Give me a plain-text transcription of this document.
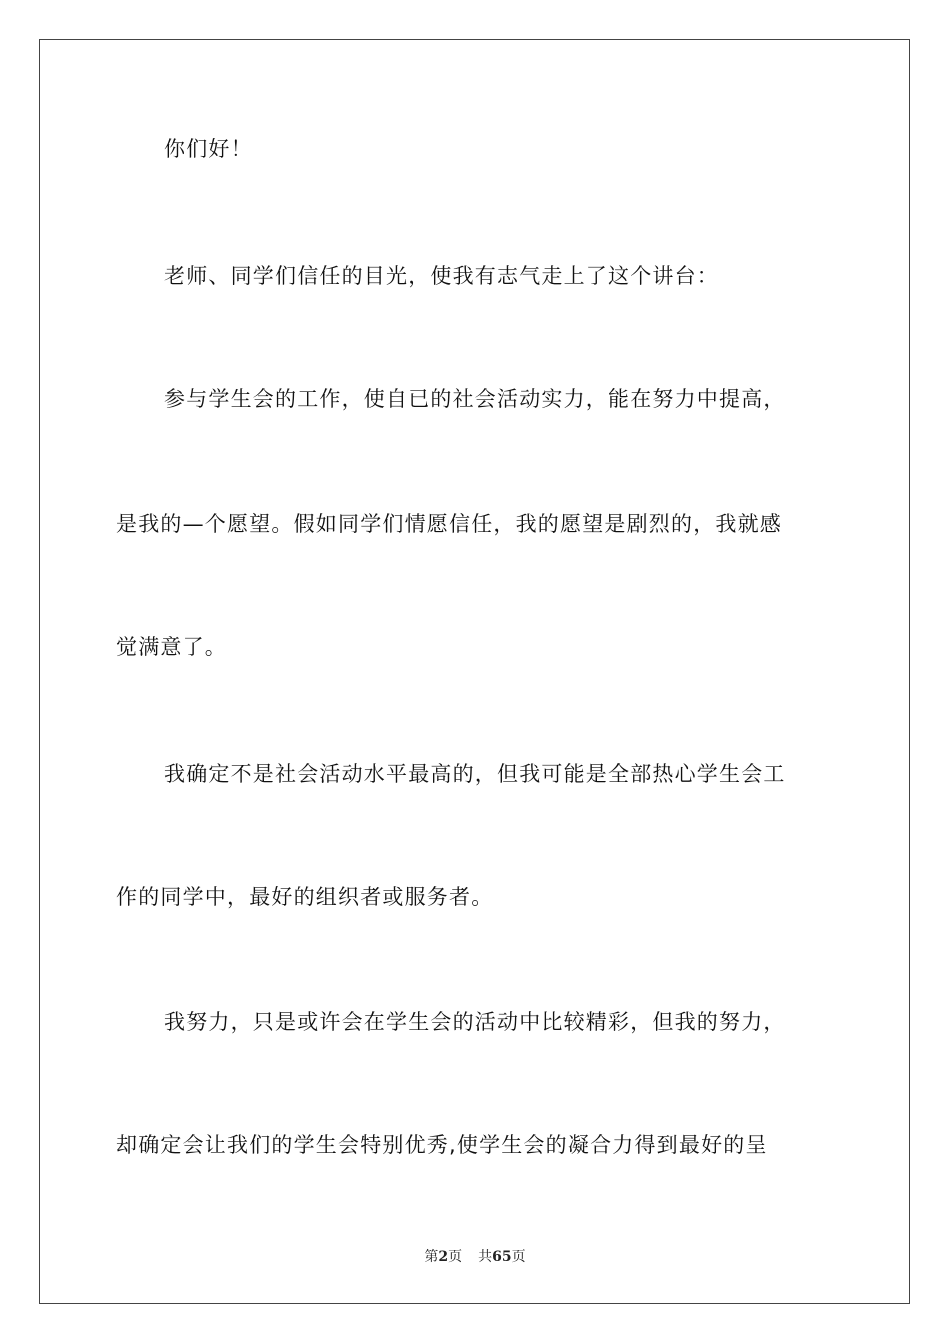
你们好！
老师、同学们信任的目光，使我有志气走上了这个讲台：
参与学生会的工作，使自已的社会活动实力，能在努力中提高，
是我的—个愿望。假如同学们情愿信任，我的愿望是剧烈的，我就感
觉满意了。
我确定不是社会活动水平最高的，但我可能是全部热心学生会工
作的同学中，最好的组织者或服务者。
我努力，只是或许会在学生会的活动中比较精彩，但我的努力，
却确定会让我们的学生会特别优秀,使学生会的凝合力得到最好的呈
第2页 共65页
